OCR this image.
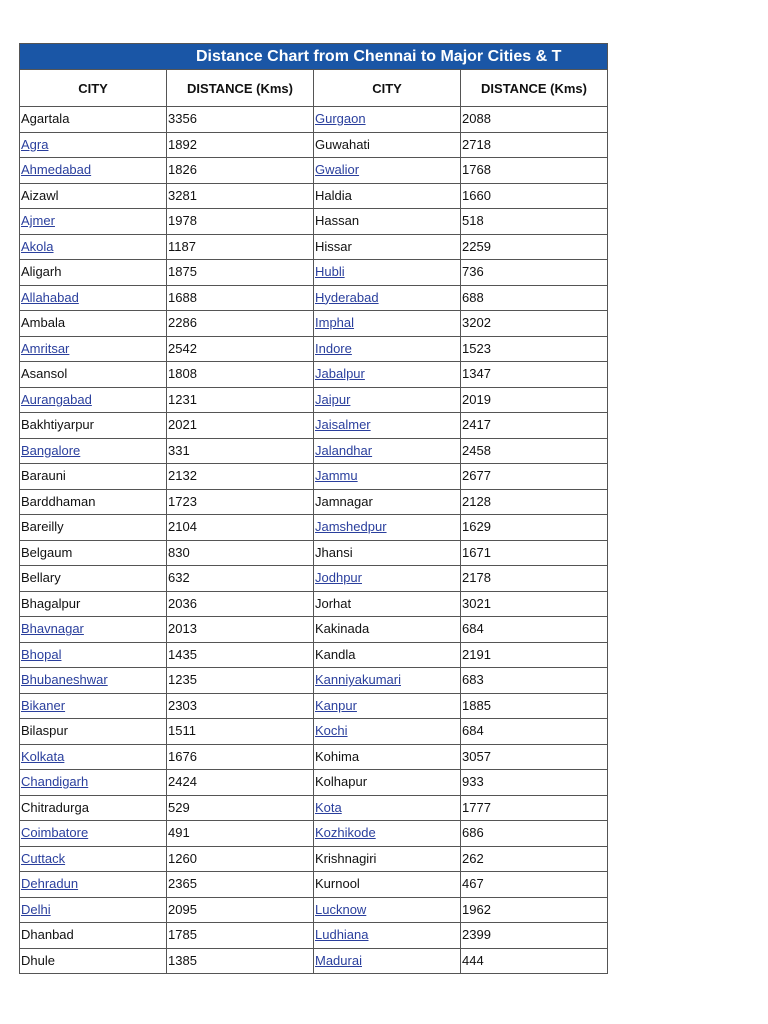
Distance Chart from Chennai to Major Cities & T
CITY	DISTANCE (Kms)	CITY	DISTANCE (Kms)
Agartala	3356	Gurgaon	2088
Agra	1892	Guwahati	2718
Ahmedabad	1826	Gwalior	1768
Aizawl	3281	Haldia	1660
Ajmer	1978	Hassan	518
Akola	1187	Hissar	2259
Aligarh	1875	Hubli	736
Allahabad	1688	Hyderabad	688
Ambala	2286	Imphal	3202
Amritsar	2542	Indore	1523
Asansol	1808	Jabalpur	1347
Aurangabad	1231	Jaipur	2019
Bakhtiyarpur	2021	Jaisalmer	2417
Bangalore	331	Jalandhar	2458
Barauni	2132	Jammu	2677
Barddhaman	1723	Jamnagar	2128
Bareilly	2104	Jamshedpur	1629
Belgaum	830	Jhansi	1671
Bellary	632	Jodhpur	2178
Bhagalpur	2036	Jorhat	3021
Bhavnagar	2013	Kakinada	684
Bhopal	1435	Kandla	2191
Bhubaneshwar	1235	Kanniyakumari	683
Bikaner	2303	Kanpur	1885
Bilaspur	1511	Kochi	684
Kolkata	1676	Kohima	3057
Chandigarh	2424	Kolhapur	933
Chitradurga	529	Kota	1777
Coimbatore	491	Kozhikode	686
Cuttack	1260	Krishnagiri	262
Dehradun	2365	Kurnool	467
Delhi	2095	Lucknow	1962
Dhanbad	1785	Ludhiana	2399
Dhule	1385	Madurai	444
